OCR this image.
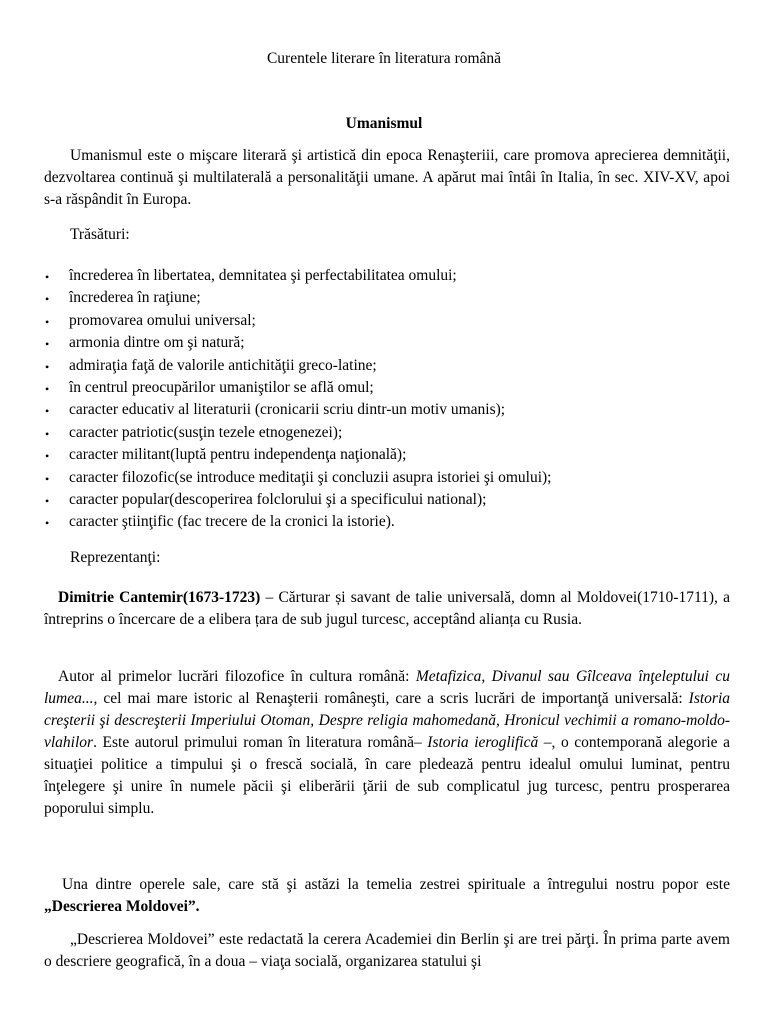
Curentele literare în literatura română
Umanismul
Umanismul este o mişcare literară şi artistică din epoca Renaşteriii, care promova aprecierea demnităţii, dezvoltarea continuă şi multilaterală a personalităţii umane. A apărut mai întâi în Italia, în sec. XIV-XV, apoi s-a răspândit în Europa.
Trăsături:
• încrederea în libertatea, demnitatea şi perfectabilitatea omului;
• încrederea în raţiune;
• promovarea omului universal;
• armonia dintre om şi natură;
• admiraţia faţă de valorile antichităţii greco-latine;
• în centrul preocupărilor umaniştilor se află omul;
• caracter educativ al literaturii (cronicarii scriu dintr-un motiv umanis);
• caracter patriotic(susţin tezele etnogenezei);
• caracter militant(luptă pentru independenţa naţională);
• caracter filozofic(se introduce meditaţii şi concluzii asupra istoriei şi omului);
• caracter popular(descoperirea folclorului şi a specificului national);
• caracter ştiinţific (fac trecere de la cronici la istorie).
Reprezentanţi:
Dimitrie Cantemir(1673-1723) – Cărturar și savant de talie universală, domn al Moldovei(1710-1711), a întreprins o încercare de a elibera țara de sub jugul turcesc, acceptând alianța cu Rusia.
Autor al primelor lucrări filozofice în cultura română: Metafizica, Divanul sau Gîlceava înţeleptului cu lumea..., cel mai mare istoric al Renaşterii româneşti, care a scris lucrări de importanţă universală: Istoria creşterii şi descreşterii Imperiului Otoman, Despre religia mahomedană, Hronicul vechimii a romano-moldo-vlahilor. Este autorul primului roman în literatura română– Istoria ieroglifică –, o contemporană alegorie a situaţiei politice a timpului şi o frescă socială, în care pledează pentru idealul omului luminat, pentru înţelegere şi unire în numele păcii şi eliberării ţării de sub complicatul jug turcesc, pentru prosperarea poporului simplu.
Una dintre operele sale, care stă şi astăzi la temelia zestrei spirituale a întregului nostru popor este „Descrierea Moldovei”.
„Descrierea Moldovei” este redactată la cerera Academiei din Berlin şi are trei părţi. În prima parte avem o descriere geografică, în a doua – viaţa socială, organizarea statului şi
